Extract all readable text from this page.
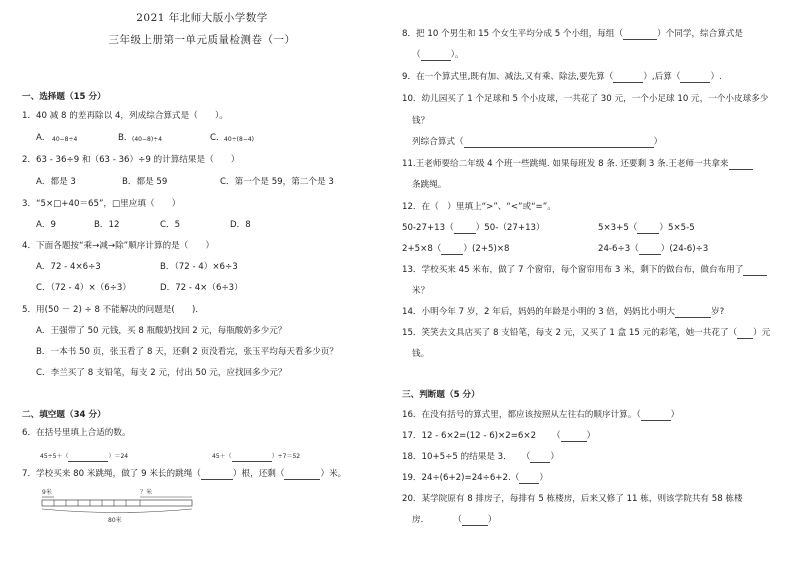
2021 年北师大版小学数学
三年级上册第一单元质量检测卷（一）
一、选择题（15 分）
1．40 减 8 的差再除以 4，列成综合算式是（　　）。
A． 40−8÷4	B． (40−8)÷4	C． 40÷(8−4)
2．63 - 36÷9 和（63 - 36）÷9 的计算结果是（　　）
A．都是 3	B．都是 59	C．第一个是 59，第二个是 3
3．“5×□+40＝65”，□里应填（　　）
A．9	B．12	C．5	D．8
4．下面各题按“乘→减→除”顺序计算的是（　　）
A．72 - 4×6÷3	B．（72 - 4）×6÷3
C．（72 - 4）×（6÷3）	D．72 - 4×（6÷3）
5．用(50 － 2) ÷ 8 不能解决的问题是(　　)．
A．王强带了 50 元钱，买 8 瓶酸奶找回 2 元，每瓶酸奶多少元？
B．一本书 50 页，张玉看了 8 天，还剩 2 页没看完，张玉平均每天看多少页？
C．李兰买了 8 支铅笔，每支 2 元，付出 50 元，应找回多少元？
二、填空题（34 分）
6．在括号里填上合适的数。
45÷5＋（	）＝24	45＋（	）÷7＝52
7．学校买来 80 米跳绳，做了 9 米长的跳绳（	）根，还剩（	）米。
9米	？米
80米
8．把 10 个男生和 15 个女生平均分成 5 个小组，每组（	）个同学，综合算式是
（	）。
9．在一个算式里,既有加、减法,又有乘、除法,要先算（	）,后算（	）.
10．幼儿园买了 1 个足球和 5 个小皮球，一共花了 30 元，一个小足球 10 元，一个小皮球多少
钱？
列综合算式（	）
11.王老师要给二年级 4 个班一些跳绳. 如果每班发 8 条. 还要剩 3 条.王老师一共拿来
条跳绳。
12．在（　）里填上“>”、“<”或“=”。
50-27+13（	）50-（27+13）	5×3+5（	）5×5-5
2+5×8（	）(2+5)×8	24-6÷3（	）(24-6)÷3
13．学校买来 45 米布，做了 7 个窗帘，每个窗帘用布 3 米，剩下的做台布，做台布用了
米？
14．小明今年 7 岁，2 年后，妈妈的年龄是小明的 3 倍，妈妈比小明大	岁?
15．笑笑去文具店买了 8 支铅笔，每支 2 元，又买了 1 盒 15 元的彩笔，她一共花了（ ）元
钱。
三、判断题（5 分）
16．在没有括号的算式里，都应该按照从左往右的顺序计算。（	）
17．12 - 6×2=(12 - 6)×2=6×2 （	）
18．10+5÷5 的结果是 3． （ ）
19．24÷(6+2)=24÷6+2.（ ）
20．某学院原有 8 排房子，每排有 5 栋楼房，后来又修了 11 栋，则该学院共有 58 栋楼
房．	（	）
